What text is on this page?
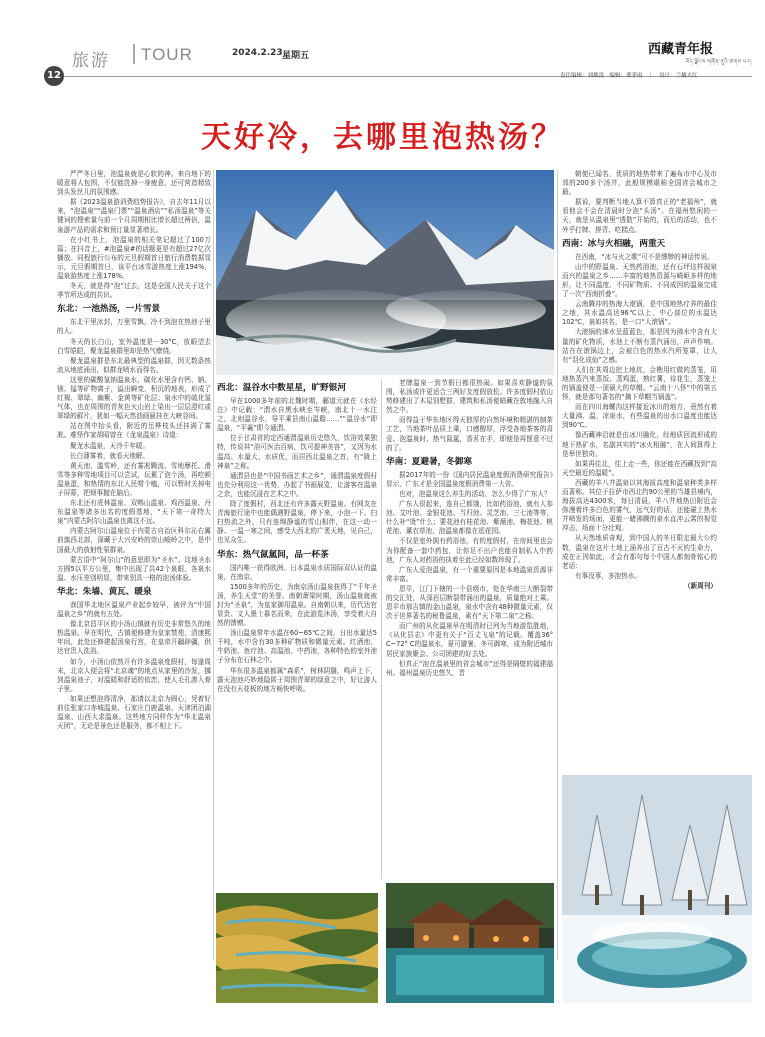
旅游 TOUR	2024.2.23 星期五	西藏青年报
བོད་ལྗོངས་གཞོན་ནུའི་ཚགས་པར།
12	责任编辑：刘雄涛　编辑：邢茅雨　｜　设计：兰楠夫红
天好冷，去哪里泡热汤？

严严冬日里，泡温泉就是心软的神。来自地下的暖意将人包围，不仅能洗掉一身疲意，还可营造精致到头发丝儿的氛围感。

据《2023温泉游消费趋势报告》，自去年11月以来，“泡温泉”“温泉门票”“温泉酒店”“私汤温泉”等关键词的搜索量与前一个月周期相比增长超过两倍，温泉游产品的需求和预订量显著增长。

在小红书上，泡温泉的相关笔记超过了100万篇；在抖音上，#泡温泉#的话题更是有超过27亿次播放。同程旅行公布的元旦假期首日旅行消费数据显示，元旦假期首日，该平台冰雪游热度上涨194%，温泉游热度上涨178%。

冬天，就是得“泡”过去，这是全国人民关于这个季节所达成的共识。

东北：一池热汤，一片雪景

东北干里冰封，万里雪飘，冷不到泡在热池子里的人。

冬天的长白山，室外温度是－30°C，放眼望去白雪皑皑，聚龙温泉群里却是热气缭绕。

聚龙温泉群是东北最典型的温泉群，因无数条热流从地底涌出，似群龙喷水而得名。

这里的碳酸氢钠温泉水，碳化水里含有钙、钠、镁、锰等矿物离子，溢出瞬变，积沉的地表，形成了红褐、翠绿、幽紫、金黄等矿化层；泉水中的硫化氢气体，也在周围的青灰色火山岩上染出一层层澄红或翠绿的藓片，犹如一幅天然油画悬挂在大峡谷间。

站在图中抬头看，附近的岳桦枝头还挂满了雾凇。难怪作家胡昭曾在《龙泉温泉》诗道：

聚龙水温泉，天冷千年暖。

长白薄雾着，就看天地解。

黄天池、滥雪岭，还有雾凇腾流、雪地摩托、滑雪等多种雪地项目可以尝试，玩累了泡个汤，再吃顿温泉蛋，和热情的东北人民唠个嗑，可以暂时关掉电子屏幕，把烦事抛在脑后。

东北还有虎林温泉、双鸭山温泉、鸡西温泉、丹东温泉等诸多出名的度假基地，“天下第一奇特大泉”内蒙古阿尔山温泉也离这不远。

内蒙古阿尔山温泉位于内蒙古自治区科尔沁右翼前旗西北部，深藏于大兴安岭的崇山峻岭之中，是中国最大的放射性氡群泉。

蒙古语中“阿尔山”的意思即为“圣水”。这地圣水方圆5以平方公里，集中出现了共42个泉眼，各泉水温、水压差别明显，带来别具一格的泡汤体验。

华北：朱墙、黄瓦、暖泉

我国华北地区温泉产业起步较早，被评为“中国温泉之乡”的就有五处。

像北京昌平区的小汤山镇就有历史非常悠久的地热温泉。早在明代，古镇便修建为皇家禁苑，清康熙年间，此处还修建起汤泉行宫，在皇帝开疆辟疆，供达官贵人洗浴。

如今，小汤山依然开有许多温泉度假村，每逢周末，北京人便会将“北京魂”的地点从家里的沙发，挪到温泉池子，对温暖和舒适的依恋，使人毛孔渗入骨子里。

如果还想泡得清净，那请以北京为圆心，凭着好前往张家口赤城温泉、石家庄白鹿温泉、天津团泊湖温泉、山西大求温泉。这些地方同样作为“华北温泉天团”，无论是景色还是服务，都不相上下。

西北：温谷水中数星星，旷野银河

早在1000多年前的北魏时期，郦道元就在《水经注》中记载：“渭水自黑水峡至岑峡，南北十一水注之，北则温谷水，导平乘县南山温谿……”“温谷水”即温泉，“平襄”即今通渭。

位于甘肃省的定西通渭温泉历史悠久，饮浴效果独特，传说其“浴可医治百病，饮可提神美容”，又因为水温高、水量大、水质优，而居西北温泉之首，有“陇上神泉”之称。

通渭县也是“中国书画艺术之乡”，通渭温泉度假村也充分利用这一优势，办起了书画展览，让游客在温泉之余，也能沉浸在艺术之中。

除了度假村，西北还有许多露天野温泉。有网友在青海旅行途中也能偶遇野温泉，停下来，小泡一下。扫扫热流之外，只有连绵静谧的雪山相伴，在这一动一静、一温一寒之间，感受大西北的广袤天地，见自己，也见众生。

华东：热气氤氲间，品一杯茶

国内唯一获得欧洲、日本温泉水质国际双认证的温泉，在南京。

1500多年的历史，为南京汤山温泉获得了“千年圣汤，养生天堂”的美誉。南朝萧梁时期，汤山温泉就被封为“圣泉”，为皇家御用温泉。自南朝以来，历代达官显贵、文人墨士慕名而来，在此游览沐汤，享受着大自然的馈赠。

汤山温泉常年水温在60~65℃之间，日出水量达5千吨，水中含有30多种矿物质和微量元素。红酒池、牛奶池、鱼疗池、高温池、中药池，各种特色的室外池子分布在石林之中。

华东很多温泉都属“森系”，树林阴翳，鸣声上下，露天泡池巧妙地隐匿于周围青翠的绿意之中，好让游人在没有天花板的地方畅快呼吸。

老牌温泉一到节假日都很热闹。如果喜欢静谧的氛围，私汤或许更适合三两好友度假放松。许多度假村依山势修建出了木屋别墅群，建筑和私汤便暗藏在敦地融入自然之中。

而得益于华东地区得天独厚的自然环境和精湛的制茶工艺，当地茶叶品质上乘，口感醇厚，浮受各地茶客的喜爱。泡温泉时，热气氤氲，香茗在手，即便是再惬意不过的了。

华南：夏避暑，冬御寒

据2017年的一份《国内居民温泉度假消费研究报告》显示，广东才是全国温泉度假消费第一大省。

也对，泡温泉这么养生的活动，怎么少得了广东人？

广东人很起来，连自己都饿，比如药浴池，就有人参池、艾叶池、金银花池、当归池、灵芝池、三七池等等，什么补“烫”什么；要花池有桂花池、紫薇池、梅花池、桃花池、薰衣草池，泡温泉都像在逛花园。

不仅是室外拥有药浴池，有的度假村，在房间里也会为你配备一套中药包，让你足不出户也能自制私人中药池，广东人对药浴的执着至此已经如数珍现了。

广东人爱泡温泉，有一个重要原因是本地温泉资源非常丰富。

恩平，江门下辖的一个县级市，处在华南三大断裂带的交汇处，从深岩层断裂带涌出的温泉，质量绝对上乘。恩平市那吉镇的金山温泉，泉水中含有48种微量元素，仅次于世界著名的秘鲁温泉，素有“天下第二泉”之称。

而广州的从化温泉早在明清时已列为当地游览胜地，《从化县志》中更有关于“百丈飞泉”的记载。覆盖36° C~72° C的温泉水，夏可避暑，冬可御寒，成为附近城市居民家族聚会、公司团建的好去处。

但真正“泡在温泉里的省会城市”还得是隔壁的福建福州。福州温泉历史悠久，晋

朝便已闻名，优质的地热带来了遍布市中心及市郊的200多个汤井，此般规模堪称全国省会城市之最。

据说，要判断当地人算不算真正的“老福州”，就看他会不会在清晨时分泡“头汤”。在福州悠闲的一天，就是从温泉里“透散”开始的，而后的活动，也不外乎打牌、搓背、吃糕点。

西南：冰与火相融，两重天

在西南，“冰与火之歌”可不是缥缈的神话传说。

山中的野温泉、天然药浴池，还有石坪这样现泉而兴的温泉之乡……丰富的地热资源与崎岖多样的地形，让不同温度、不同矿物质、不同成因的温泉完成了一次“西南折叠”。

云南腾冲的热海大滚锅，是中国地热疗养的最佳之地，其水温高达96℃以上，中心部位的水温达102℃，泉如其名，是一口“大滚锅”。

大滚锅的沸水呈蓝蓝色，那是因为沸水中含有大量的矿化物质，水池上不断有蒸汽涌出，声声作响。站在在滚锅边上，会被白色的热水汽所笼罩，让人有“羽化成仙”之感。

人们在其周边挖上地坑，会勘用红做的蒸笼，用地热蒸汽来蒸饭、蒸鸡蛋，熟红薯，待花生，蒸笼上的锅盖便是一顶硕大的草帽。“云南十八怪”中的第五怪，就是那句著名的“摘下草帽当锅盖”。

而在四川海螺沟这样接近冰川的地方，竟然有着大量沸、温、凉泉水，有些温泉的出水口温度也能达到90℃。

像西藏神沿就是由冰川融化，经地质回流形成的地下热矿水，名副其实的“冰火相融”，在人间算得上是举世独奇。

如果再往北，往上走一些，你还能在西藏找到“高天空最近的温暖”。

西藏的羊八井温泉以其海拔高度和温泉种类多样而著称。其位于拉萨市西北约90公里的当雄县境内，海拔高达4300米，每日清晨，羊八井地热田附近会弥漫着许多白色的雾气，远气好的话，还能碰上热水井喷发的场面，更能一睹沸腾的泉水直冲云霄的视觉冲击，场面十分壮观。

从天然地质奇观，到中国人的冬日限定最大公约数，温泉在这片土地上涌养出了亘古不灭的生命力，成在正因如此，才会有那句每个中国人都刻骨铭心的老话：

有事没事，多泡热水。

（新周刊）
